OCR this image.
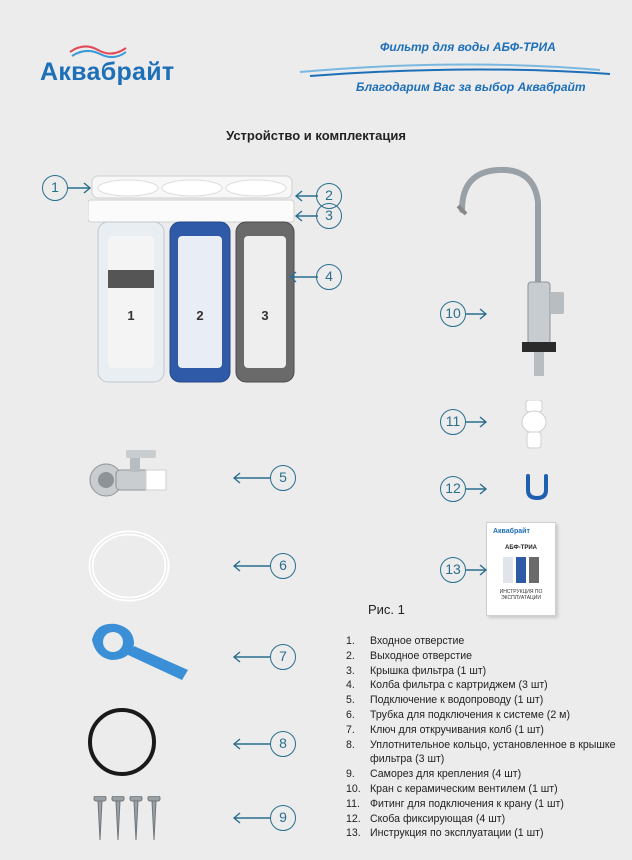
Аквабрайт
Фильтр для воды АБФ-ТРИА
Благодарим Вас за выбор Аквабрайт
Устройство и комплектация
1	2	3
1	2
3
4
10
11
12
Аквабрайт
АБФ-ТРИА
ИНСТРУКЦИЯ ПО ЭКСПЛУАТАЦИИ
13
5
6
7
8
9
Рис. 1
1. Входное отверстие
2. Выходное отверстие
3. Крышка фильтра (1 шт)
4. Колба фильтра с картриджем (3 шт)
5. Подключение к водопроводу (1 шт)
6. Трубка для подключения к системе (2 м)
7. Ключ для откручивания колб (1 шт)
8. Уплотнительное кольцо, установленное в крышке фильтра (3 шт)
9. Саморез для крепления (4 шт)
10. Кран с керамическим вентилем (1 шт)
11. Фитинг для подключения к крану (1 шт)
12. Скоба фиксирующая (4 шт)
13. Инструкция по эксплуатации (1 шт)
